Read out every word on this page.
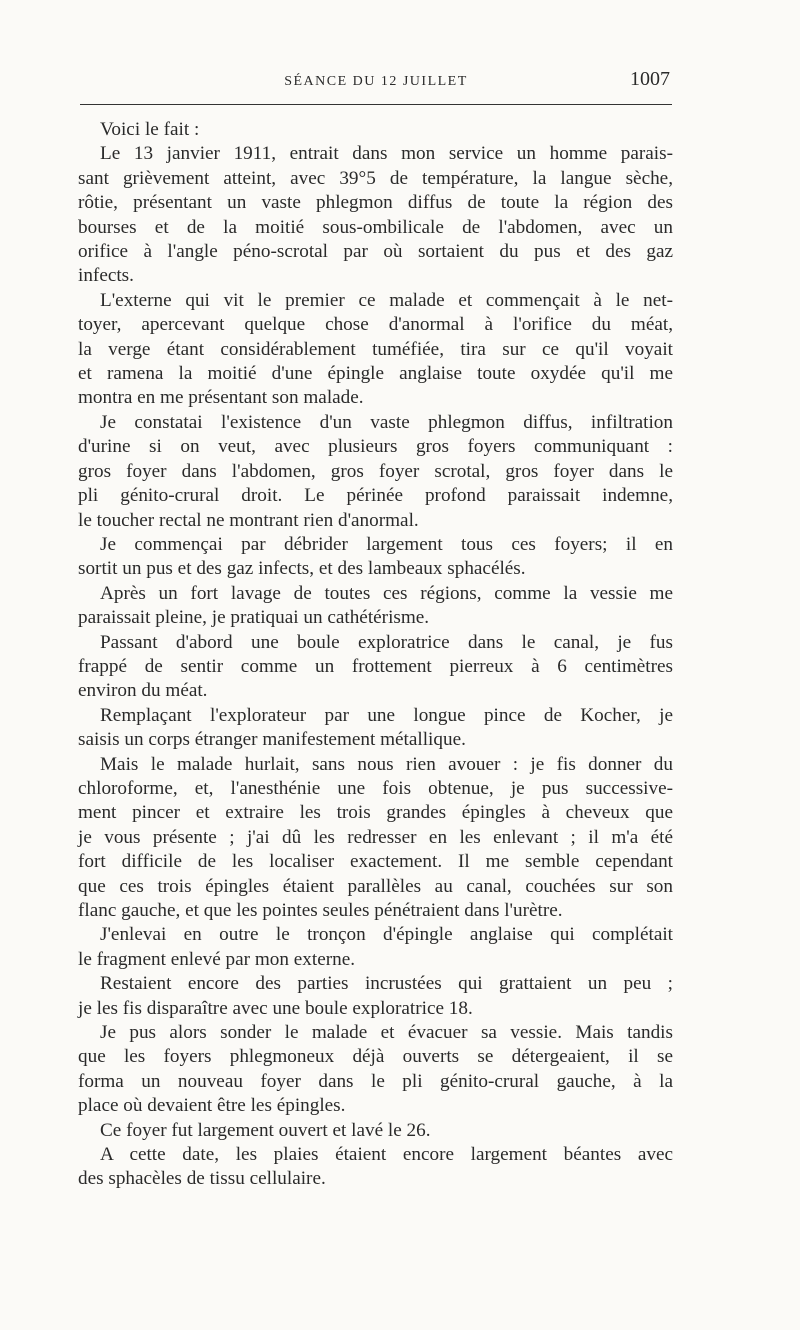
SÉANCE DU 12 JUILLET	1007

Voici le fait :

Le 13 janvier 1911, entrait dans mon service un homme parais-
sant grièvement atteint, avec 39°5 de température, la langue sèche,
rôtie, présentant un vaste phlegmon diffus de toute la région des
bourses et de la moitié sous-ombilicale de l'abdomen, avec un
orifice à l'angle péno-scrotal par où sortaient du pus et des gaz
infects.

L'externe qui vit le premier ce malade et commençait à le net-
toyer, apercevant quelque chose d'anormal à l'orifice du méat,
la verge étant considérablement tuméfiée, tira sur ce qu'il voyait
et ramena la moitié d'une épingle anglaise toute oxydée qu'il me
montra en me présentant son malade.

Je constatai l'existence d'un vaste phlegmon diffus, infiltration
d'urine si on veut, avec plusieurs gros foyers communiquant :
gros foyer dans l'abdomen, gros foyer scrotal, gros foyer dans le
pli génito-crural droit. Le périnée profond paraissait indemne,
le toucher rectal ne montrant rien d'anormal.

Je commençai par débrider largement tous ces foyers; il en
sortit un pus et des gaz infects, et des lambeaux sphacélés.

Après un fort lavage de toutes ces régions, comme la vessie me
paraissait pleine, je pratiquai un cathétérisme.

Passant d'abord une boule exploratrice dans le canal, je fus
frappé de sentir comme un frottement pierreux à 6 centimètres
environ du méat.

Remplaçant l'explorateur par une longue pince de Kocher, je
saisis un corps étranger manifestement métallique.

Mais le malade hurlait, sans nous rien avouer : je fis donner du
chloroforme, et, l'anesthénie une fois obtenue, je pus successive-
ment pincer et extraire les trois grandes épingles à cheveux que
je vous présente ; j'ai dû les redresser en les enlevant ; il m'a été
fort difficile de les localiser exactement. Il me semble cependant
que ces trois épingles étaient parallèles au canal, couchées sur son
flanc gauche, et que les pointes seules pénétraient dans l'urètre.

J'enlevai en outre le tronçon d'épingle anglaise qui complétait
le fragment enlevé par mon externe.

Restaient encore des parties incrustées qui grattaient un peu ;
je les fis disparaître avec une boule exploratrice 18.

Je pus alors sonder le malade et évacuer sa vessie. Mais tandis
que les foyers phlegmoneux déjà ouverts se détergeaient, il se
forma un nouveau foyer dans le pli génito-crural gauche, à la
place où devaient être les épingles.

Ce foyer fut largement ouvert et lavé le 26.

A cette date, les plaies étaient encore largement béantes avec
des sphacèles de tissu cellulaire.
